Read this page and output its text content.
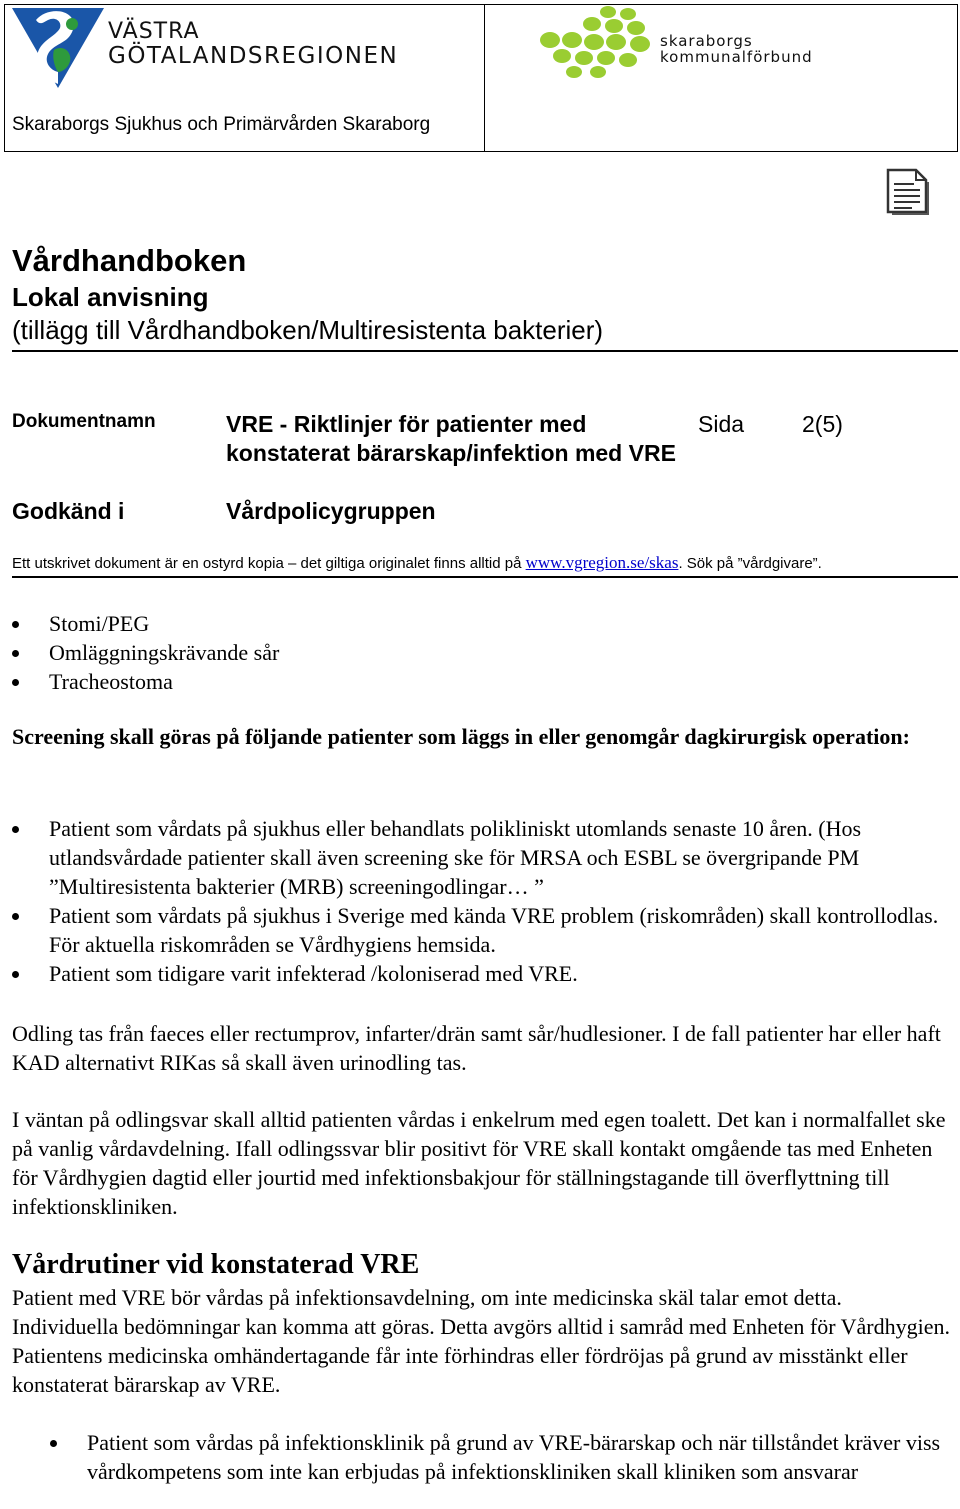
VÄSTRA
GÖTALANDSREGIONEN
skaraborgs
kommunalförbund
Skaraborgs Sjukhus och Primärvården Skaraborg
Vårdhandboken
Lokal anvisning
(tillägg till Vårdhandboken/Multiresistenta bakterier)
Dokumentnamn	VRE - Riktlinjer för patienter med konstaterat bärarskap/infektion med VRE
Sida	2(5)
Godkänd i	Vårdpolicygruppen
Ett utskrivet dokument är en ostyrd kopia – det giltiga originalet finns alltid på www.vgregion.se/skas. Sök på ”vårdgivare”.
Stomi/PEG
Omläggningskrävande sår
Tracheostoma
Screening skall göras på följande patienter som läggs in eller genomgår dagkirurgisk operation:
Patient som vårdats på sjukhus eller behandlats polikliniskt utomlands senaste 10 åren. (Hos utlandsvårdade patienter skall även screening ske för MRSA och ESBL se övergripande PM ”Multiresistenta bakterier (MRB) screeningodlingar… ”
Patient som vårdats på sjukhus i Sverige med kända VRE problem (riskområden) skall kontrollodlas. För aktuella riskområden se Vårdhygiens hemsida.
Patient som tidigare varit infekterad /koloniserad med VRE.
Odling tas från faeces eller rectumprov, infarter/drän samt sår/hudlesioner. I de fall patienter har eller haft KAD alternativt RIKas så skall även urinodling tas.
I väntan på odlingsvar skall alltid patienten vårdas i enkelrum med egen toalett. Det kan i normalfallet ske på vanlig vårdavdelning. Ifall odlingssvar blir positivt för VRE skall kontakt omgående tas med Enheten för Vårdhygien dagtid eller jourtid med infektionsbakjour för ställningstagande till överflyttning till infektionskliniken.
Vårdrutiner vid konstaterad VRE
Patient med VRE bör vårdas på infektionsavdelning, om inte medicinska skäl talar emot detta. Individuella bedömningar kan komma att göras. Detta avgörs alltid i samråd med Enheten för Vårdhygien. Patientens medicinska omhändertagande får inte förhindras eller fördröjas på grund av misstänkt eller konstaterat bärarskap av VRE.
Patient som vårdas på infektionsklinik på grund av VRE-bärarskap och när tillståndet kräver viss vårdkompetens som inte kan erbjudas på infektionskliniken skall kliniken som ansvarar
